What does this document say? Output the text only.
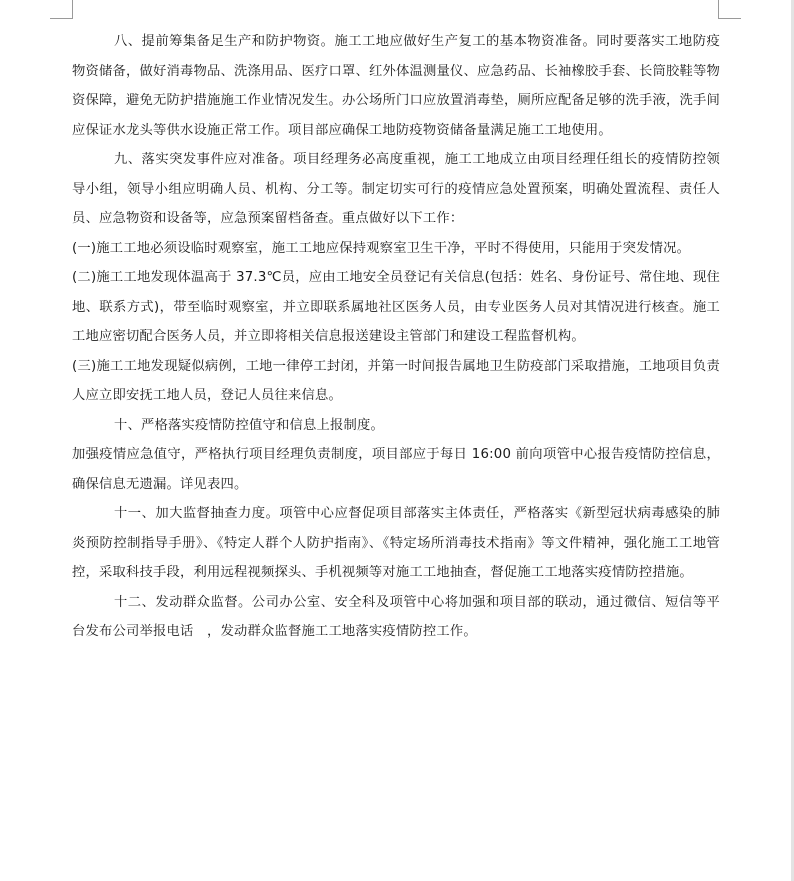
八、提前筹集备足生产和防护物资。施工工地应做好生产复工的基本物资准备。同时要落实工地防疫物资储备，做好消毒物品、洗涤用品、医疗口罩、红外体温测量仪、应急药品、长袖橡胶手套、长筒胶鞋等物资保障，避免无防护措施施工作业情况发生。办公场所门口应放置消毒垫，厕所应配备足够的洗手液，洗手间应保证水龙头等供水设施正常工作。项目部应确保工地防疫物资储备量满足施工工地使用。

九、落实突发事件应对准备。项目经理务必高度重视，施工工地成立由项目经理任组长的疫情防控领导小组，领导小组应明确人员、机构、分工等。制定切实可行的疫情应急处置预案，明确处置流程、责任人员、应急物资和设备等，应急预案留档备查。重点做好以下工作：

(一)施工工地必须设临时观察室，施工工地应保持观察室卫生干净，平时不得使用，只能用于突发情况。

(二)施工工地发现体温高于 37.3℃员，应由工地安全员登记有关信息(包括：姓名、身份证号、常住地、现住地、联系方式)，带至临时观察室，并立即联系属地社区医务人员，由专业医务人员对其情况进行核查。施工工地应密切配合医务人员，并立即将相关信息报送建设主管部门和建设工程监督机构。

(三)施工工地发现疑似病例，工地一律停工封闭，并第一时间报告属地卫生防疫部门采取措施，工地项目负责人应立即安抚工地人员，登记人员往来信息。

十、严格落实疫情防控值守和信息上报制度。

加强疫情应急值守，严格执行项目经理负责制度，项目部应于每日 16:00 前向项管中心报告疫情防控信息，确保信息无遗漏。详见表四。

十一、加大监督抽查力度。项管中心应督促项目部落实主体责任，严格落实《新型冠状病毒感染的肺炎预防控制指导手册》、《特定人群个人防护指南》、《特定场所消毒技术指南》等文件精神，强化施工工地管控，采取科技手段，利用远程视频探头、手机视频等对施工工地抽查，督促施工工地落实疫情防控措施。

十二、发动群众监督。公司办公室、安全科及项管中心将加强和项目部的联动，通过微信、短信等平台发布公司举报电话　，发动群众监督施工工地落实疫情防控工作。
